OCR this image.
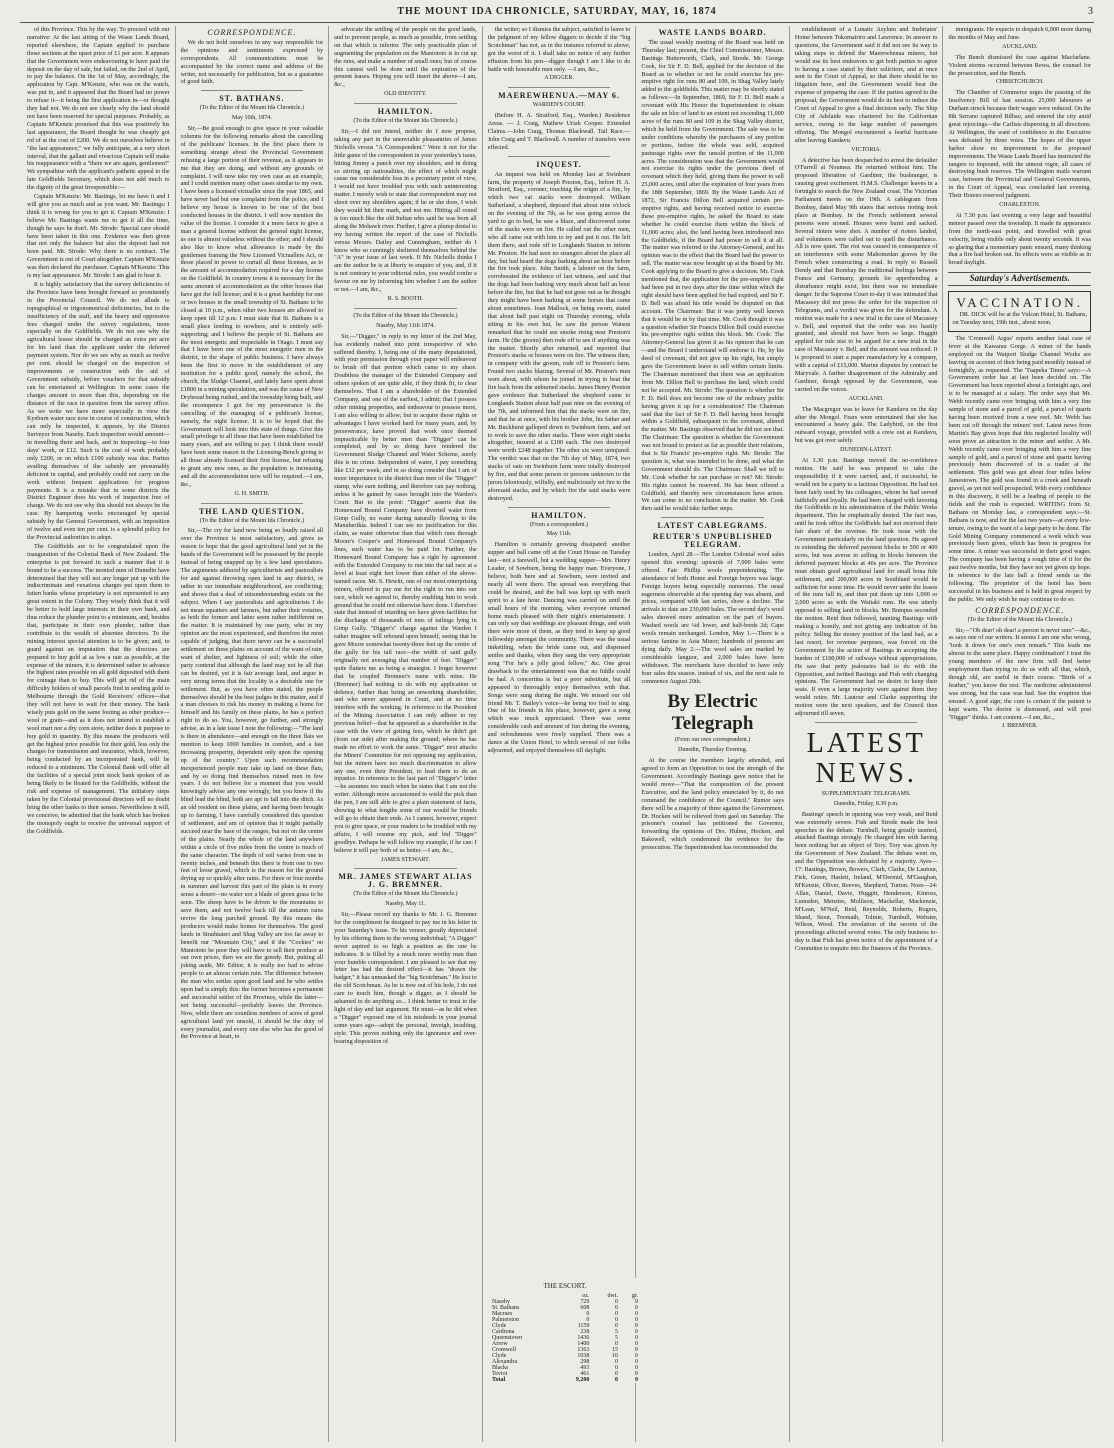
THE MOUNT IDA CHRONICLE, SATURDAY, MAY, 16, 1874	3

of this Province. This by the way. To proceed with our narrative: At the last sitting of the Waste Lands Board, reported elsewhere, the Captain applied to purchase those sections at the upset price of £1 per acre. It appears that the Government were endeavouring to have paid the deposit on the day of sale, but failed, on the 2nd of April, to pay the balance. On the 1st of May, accordingly, the application by Capt. M'Kenzie, who was on the watch, was put in, and it appeared that the Board had no power to refuse it—it being the first application in—or thought they had not. We do not see clearly why the land should not have been reserved for special purposes. Probably, as Captain M'Kenzie promised that this was positively his last appearance, the Board thought he was cheaply got rid of at the cost of £200. We do not ourselves believe in "the last appearance;" we fully anticipate, at a very short interval, that the gallant and vivacious Captain will make his reappearance with a "there we are again, gentlemen!" We sympathise with the applicant's pathetic appeal to the late Goldfields Secretary, which does not add much to the dignity of the great Irresponsible:—

Captain M'Kenzie: Mr. Bastings, let me have it and I will give you as much and as you want. Mr. Bastings: I think it is wrong for you to get it. Captain M'Kenzie: I believe Mr. Bastings wants me to get it all the time, though he says he don't. Mr. Strode: Special care should have been taken in this one. Evidence was then given that not only the balance but also the deposit had not been paid. Mr. Strode: Why there is no contract. The Government is out of Court altogether. Captain M'Kenzie was then declared the purchaser. Captain M'Kenzie: This is my last appearance. Mr. Strode: I am glad to hear it.

It is highly satisfactory that the survey deficiencies of the Province have been brought forward so prominently in the Provincial Council. We do not allude to topographical or trigonometrical deficiencies, but to the insufficiency of the staff, and the heavy and oppressive fees charged under the survey regulations, more especially on the Goldfields. We do not see why the agricultural lessee should be charged an extra per acre for his land than the applicant under the deferred payment system. Nor do we see why as much as twelve per cent. should be charged on the inspection of improvements or construction with the aid of Government subsidy, before vouchers for that subsidy can be entertained at Wellington. In some cases the charges amount to more than this, depending on the distance of the race in question from the survey office. As we write we have more especially in view the Kyeburn water race now in course of construction, which can only be inspected, it appears, by the District Surveyor from Naseby. Each inspection would amount—in travelling there and back, and in inspecting—to four days' work, or £12. Such is the cost of work probably only £200, or on which £100 subsidy was due. Parties availing themselves of the subsidy are presumably deficient in capital, and probably could not carry on the work without frequent applications for progress payments. It is a mistake that in some districts the District Engineer does his work of inspection free of charge. We do not see why this should not always be the case. By hampering works encouraged by special subsidy by the General Government, with an imposition of twelve and even ten per cent. is a splendid policy for the Provincial authorities to adopt.

The Goldfields are to be congratulated upon the inauguration of the Colonial Bank of New Zealand. The enterprise is put forward in such a manner that it is bound to be a success. The monied men of Dunedin have determined that they will not any longer put up with the indiscriminate and vexatious charges put upon them to fatten banks whose proprietary is not represented to any great extent in the Colony. They wisely think that it will be better to hold large interests in their own bank, and thus reduce the plunder point to a minimum, and, besides that, participate in their own plunder, rather than contribute to the wealth of absentee directors. To the mining interest special attention is to be given; and, to guard against an imputation that the directors are prepared to buy gold at as low a rate as possible, at the expense of the miners, it is determined rather to advance the highest rates possible on all gold deposited with them for coinage than to buy. This will get rid of the main difficulty holders of small parcels find in sending gold to Melbourne through the Gold Receivers' offices—that they will not have to wait for their money. The bank wisely puts gold on the same footing as other produce—wool or grain—and as it does not intend to establish a wool mart nor a dry corn store, neither does it purpose to buy gold in quantity. By this means the producers will get the highest price possible for their gold, less only the charges for transmission and insurance, which, however, being conducted by an incorporated bank, will be reduced to a minimum. The Colonial Bank will offer all the facilities of a special joint stock bank spoken of as being likely to be floated for the Goldfields, without the risk and expense of management. The initiatory steps taken by the Colonial provisional directors will no doubt bring the other banks to their senses. Nevertheless it will, we conceive, be admitted that the bank which has broken the monopoly ought to receive the universal support of the Goldfields.

CORRESPONDENCE.

We do not hold ourselves in any way responsible for the opinions and sentiments expressed by correspondents. All communications must be accompanied by the correct name and address of the writer, not necessarily for publication, but as a guarantee of good faith.

ST. BATHANS.
(To the Editor of the Mount Ida Chronicle.)
May 10th, 1874.

Sir,—Be good enough to give space in your valuable columns for the following remarks about the cancelling of the publicans' licenses. In the first place there is something strange about the Provincial Government refusing a large portion of their revenue, as it appears to me that they are doing, and without any grounds of complaint. I will now take my own case as an example, and I could mention many other cases similar to my own. I have been a licensed victualler since the year 1865, and have never had but one complaint from the police, and I believe my house is known to be one of the best conducted houses in the district. I will now mention the value of the license. I consider it a mere farce to give a man a general license without the general night license, as one is almost valueless without the other; and I should also like to know what allowance is made by the gentlemen framing the New Licensed Victuallers Act, or those placed in power to curtail all these licenses, as to the amount of accommodation required for a day license on the Goldfield. In country towns it is necessary for the same amount of accommodation as the other houses that have got the full license; and it is a great hardship for one or two houses in the small township of St. Bathans to be closed at 10 p.m., when other two houses are allowed to keep open till 12 p.m. I must state that St. Bathans is a small place lending to nowhere, and is entirely self-supporting; and I believe the people of St. Bathans are the most energetic and respectable in Otago. I must say that I have been one of the most energetic men in the district, in the shape of public business. I have always been the first to move in the establishment of any institution for a public good, namely the school, the church, the Sludge Channel, and lately have spent about £1800 in a mining speculation, and was the cause of New Drybread being rushed, and the township being built, and the recompence I got for my perseverance is the cancelling of the managing of a publican's license, namely, the night license. It is to be hoped that the Government will look into this state of things. Give this small privilege to all those that have been established for many years, and are willing to pay. I think there would have been some reason in the Licensing-Bench giving to all those already licensed their first license, but refusing to grant any new ones, as the population is increasing, and all the accommodation now will be required.—I am, &c.,

G. H. SMITH.
THE LAND QUESTION.
(To the Editor of the Mount Ida Chronicle.)

Sir,—The cry for land now being so loudly raised all over the Province is most satisfactory, and gives us reason to hope that the good agricultural land yet in the hands of the Government will be possessed by the people instead of being snapped up by a few land speculators. The arguments adduced by agriculturists and pastoralists for and against throwing open land in any district, or rather in our immediate neighbourhood, are conflicting; and shows that a deal of misunderstanding exists on the subject. When I say pastoralists and agriculturists I do not mean squatters and farmers, but rather their votaries, as both the former and latter seem rather indifferent on the matter. It is maintained by one party, who in my opinion are the most experienced, and therefore the most capable of judging, that there never can be a successful settlement on these plains on account of the want of rain, want of shelter, and lightness of soil; while the other party contend that although the land may not be all that can be desired, yet it is fair average land, and argue in very strong terms that the locality is a desirable one for settlement. But, as you have often stated, the people themselves should be the best judges in this matter, and if a man chooses to risk his money in making a home for himself and his family on these plains, he has a perfect right to do so. You, however, go further, and strongly advise, as in a late issue I note the following:—"The land is there in abundance—and enough on the three flats we mention to keep 1000 families in comfort, and a fast increasing prosperity, dependent only upon the opening up of the country." Upon such recommendation inexperienced people may take up land on these flats, and by so doing find themselves ruined men in few years. I do not believe for a moment that you would knowingly advise any one wrongly, but you know if the blind lead the blind, both are apt to fall into the ditch. As an old resident on these plains, and having been brought up to farming, I have carefully considered this question of settlement, and am of opinion that it might partially succeed near the base of the ranges, but not on the centre of the plains. Nearly the whole of the land anywhere within a circle of five miles from the centre is much of the same character. The depth of soil varies from one to twenty inches, and beneath this there is from one to two feet of loose gravel, which is the reason for the ground drying up so quickly after rains. For three or four months in summer and harvest this part of the plain is in every sense a desert—no water nor a blade of green grass to be seen. The sheep have to be driven to the mountains to save them, and not twelve back till the autumn rains revive the long parched ground. By this means the producers would make homes for themselves. The good lands in Strathtaieri and Shag Valley are too far away to benefit our "Mountain City," and if the "Cockies" on Maniototo be poor they will have to sell their produce at our own prices, then we are the greedy. But, putting all joking aside, Mr. Editor, it is really too bad to advise people to an almost certain ruin. The difference between the man who settles upon good land and he who settles upon bad is simply this: the former becomes a permanent and successful settler of the Province, while the latter—not being successful—probably leaves the Province. Now, while there are countless numbers of acres of good agricultural land yet unsold, it should be the duty of every journalist, and every one else who has the good of the Province at heart, to

advocate the settling of the people on the good lands, and to prevent people, as much as possible, from settling on that which is inferior. The only practicable plan of augmenting the population on the Maniototo is to cut up the runs, and make a number of small ones; but of course this cannot well be done until the expiration of the present leases. Hoping you will insert the above—I am, &c.,

OLD IDENTITY.
HAMILTON.
(To the Editor of the Mount Ida Chronicle.)

Sir,—I did not intend, neither do I now propose, taking any part in the unenviable pleasantries of James Nicholls versus "A Correspondent." Were it not for the little game of the correspondent in your yesterday's issue, hitting Jimmy a punch over my shoulders, and in doing so stirring up nationalities, the effect of which might cause me considerable loss in a pecuniary point of view, I would not have troubled you with such uninteresting matter. I merely wish to state that correspondent may not shoot over my shoulders again; if he or she does, I wish they would hit their mark, and not me. Hitting all round is too much like the old Indian who said he was born all along the Mohawk river. Further, I give a plump denial to my having written the report of the case of Nicholls versus Messrs. Dailey and Cunningham, neither do I know who so cunningly sheltered themselves behind the "A" in your issue of last week. If Mr. Nicholls thinks I am the author he is at liberty to enquire of you, and, if it is not contrary to your editorial rules, you would confer a favour on me by informing him whether I am the author or not.—I am, &c.,

R. S. BOOTH.
(To the Editor of the Mount Ida Chronicle.)
Naseby, May 11th 1874.

Sir,—"Digger," in reply to my letter of the 2nd May, has evidently rushed into print irrespective of who suffered thereby. I, being one of the many deputatioted, with your permission through your paper will endeavour to brush off that portion which came to my share. Doubtless the manager of the Extended Company and others spoken of are quite able, if they think fit, to clear themselves. That I am a shareholder of the Extended Company, and one of the earliest, I admit; that I possess other mining properties, and endeavour to possess more, I am also willing to allow; but to acquire those rights or advantages I have worked hard for many years, and, by perseverance, have proved that work once deemed impracticable by better men than "Digger" can be completed, and by so doing have rendered the Government Sludge Channel and Water Scheme, surely this is no crime. Independent of water, I pay something like £12 per week, and in so doing consider that I am of more importance to the district than men of the "Digger" stamp, who earn nothing, and therefore can pay nothing, unless it be gained by cases brought into the Warden's Court. But to the point: "Digger" asserts that the Homeward Bound Company have diverted water from Gimp Gully, no water during naturally flowing to the Manuherikia. Indeed I can see no justification for this claim, as water otherwise than that which runs through Moore's Cooper's and Homeward Bound Company's lines, such water has to be paid for. Further, the Homeward Bound Company has a right by agreement with the Extended Company to run into the tail race at a level at least eight feet lower than either of the above-named races. Mr. S. Hewitt, one of our most enterprising miners, offered to pay me for the right to run into our race, which we agreed to, thereby enabling him to work ground that he could not otherwise have done. I therefore state that instead of retarding we have given facilities for the discharge of thousands of tons of tailings lying in Gimp Gully. "Digger's" charge against the Warden I rather imagine will rebound upon himself, seeing that he gave Moore somewhat twenty-three feet up the centre of the gully for his tail race—the width of said gully originally not averaging that number of feet. "Digger" quite flatters me as being a strategist. I forget however that he coupled Bremner's name with mine. He (Bremner) had nothing to do with my application or defence, further than being an unworking shareholder, and who never appeared in Court, and at no time interfere with the working. In reference to the President of the Mining Association I can only adhere to my previous belief—that he appeared as a shareholder in the case with the view of getting fees, which he didn't get (from our side) after making the ground; where he has made no effort to work the same. "Digger" next attacks the Miners' Committee for not opposing my application, but the miners have too much discrimination to allow any one, even their President, to lead them to do an injustice. In reference to the last part of "Digger's" letter—he assumes too much when he states that I am not the writer. Although more accustomed to wield the pick than the pen, I am still able to give a plain statement of facts, showing to what lengths some of our would be friends will go to obtain their ends. As I cannot, however, expect you to give space, or your readers to be troubled with my affairs, I will resume my pick, and bid "Digger" goodbye. Perhaps he will follow my example, if he can: I believe it will pay both of us better.—I am, &c.,

JAMES STEWART.
MR. JAMES STEWART ALIAS J. G. BREMNER.
(To the Editor of the Mount Ida Chronicle.)
Naseby, May 11.

Sir,—Please record my thanks to Mr. J. G. Bremner for the compliment he designed to pay me in his letter in your Saturday's issue. To his veneer, greatly depreciated by his offering them to the wrong individual; "A Digger" never aspired to so high a position as the one he indicates. It is filled by a much more worthy man than your humble correspondent. I am pleased to see that my letter has had the desired effect—it has "drawn the badger," it has unmasked the "big Scotchman." He lost to the old Scotchman. As he is now out of his hole, I do not care to touch him, though a digger, as I should be ashamed to do anything so... I think better to trust to the light of day and fair argument. He must—as he did when a "Digger" exposed one of his misdeeds in your journal some years ago—adopt the personal, inveigh, insulting, style. This proves nothing only the ignorance and over-bearing disposition of

the writer; so I dismiss the subject, satisfied to leave to the judgment of my fellow diggers to decide if the "big Scotchman" has not, as in the instance referred to above, got the worst of it. I shall take no notice of any further effusion from his pen—digger though I am I like to do battle with honorable men only. —I am, &c.,

A DIGGER.
MAEREWHENUA.—MAY 6.
WARDEN'S COURT.

(Before H. A. Stratford, Esq., Warden.) Residence Areas. — J. Craig, Mathew Uriah Cooper. Extended Claims.—John Craig, Thomas Blackwall. Tail Race.—John Craig and T. Blackwall. A number of transfers were effected.

INQUEST.

An inquest was held on Monday last at Swinburn farm, the property of Joseph Preston, Esq., before H. A. Stratford, Esq., coroner, touching the origin of a fire, by which two cat stacks were destroyed. William Sutherland, a shepherd, deposed that about nine o'clock on the evening of the 7th, as he was going across the yard to go to bed, he saw a blaze, and discovered some of the stacks were on fire. He called out the other men, who all came out with him to try and put it out. He left them there, and rode off to Longlands Station to inform Mr. Preston. He had seen no strangers about the place all day, but had heard the dogs barking about an hour before the fire took place. John Smith, a laborer on the farm, corroborated the evidence of last witness, and said that the dogs had been barking very much about half an hour before the fire, but that he had not gone out as he thought they might have been barking at some horses that came about sometimes. Joan Mallock, on being sworn, stated that about half past eight on Thursday evening, while sitting in his own hut, he saw the person Watson remarked that he could see smoke rising near Preston's farm. He (the groom) then rode off to see if anything was the matter. Shortly after returned, and reported that Preston's stacks or houses were on fire. The witness then, in company with the groom, rode off to Preston's farm. Found two stacks blazing. Several of Mr. Preston's men were about, with whom he joined in trying to beat the fire back from the unburned stacks. James Henry Preston gave evidence that Sutherland the shepherd came to Longlands Station about half past nine on the evening of the 7th, and informed him that the stacks were on fire, and that he at once, with his brother John, his father and Mr. Buckhurst galloped down to Swinburn farm, and set to work to save the other stacks. There were eight stacks altogether, insured at a £100 each. The two destroyed were worth £248 together. The other six were uninjured. The verdict was that on the 7th day of May, 1874, two stacks of oats on Swinburn farm were totally destroyed by fire, and that some person or persons unknown to the jurors feloniously, wilfully, and maliciously set fire to the aforesaid stacks, and by which fire the said stacks were destroyed.

HAMILTON.
(From a correspondent.)
May 11th.

Hamilton is certainly growing dissipated: another supper and ball came off at the Court House on Tuesday last—not a farewell, but a wedding supper—Mrs. Henry Leader, of Sowburn, being the happy man. Everyone, I believe, both here and at Sowburn, were invited and nearly all were there. The spread was everything that could be desired, and the ball was kept up with much spirit to a late hour. Dancing was carried on until the small hours of the morning, when everyone returned home much pleased with their night's entertainment. I can only say that weddings are pleasant things, and wish there were more of them, as they tend to keep up good fellowship amongst the community. There was the usual tinkettling, when the bride came out, and dispensed smiles and thanks, when they sang the very appropriate song "For he's a jolly good fellow," &c. One great drawback to the entertainment was that no fiddle could be had. A concertina is but a poor substitute, but all appeared to thoroughly enjoy themselves with that. Songs were sung during the night. We missed our old friend Mr. T. Bailey's voice—he being too frail to sing. One of his friends in his place, however, gave a song which was much appreciated. There was some considerable cash and amount of fun during the evening, and refreshments were freely supplied. There was a dance at the Union Hotel, to which several of our folks adjourned, and enjoyed themselves till daylight.

WASTE LANDS BOARD.

The usual weekly meeting of the Board was held on Thursday last; present, the Chief Commissioner, Messrs. Bastings Butterworth, Clark, and Strode. Mr. George Cook, for Sir F. D. Bell, applied for the decision of the Board as to whether or not he could exercise his pre-emptive right for runs 80 and 109, in Shag Valley lately added to the goldfields. This matter may be shortly stated as follows:—In September, 1869, Sir F. D. Bell made a covenant with His Honor the Superintendent to obtain the sale en bloc of land to an extent not exceeding 11,000 acres of the runs 80 and 109 in the Shag Valley district, which he held from the Government. The sale was to be under conditions whereby the purchasers of any portion or portions, before the whole was sold, acquired pasturage rights over the unsold portion of the 11,000 acres. The consideration was that the Government would not exercise its rights under the previous deed of covenant which they held, giving them the power to sell 25,000 acres, until after the expiration of four years from the 18th September, 1869. By the Waste Lands Act of 1872, Sir Francis Dillon Bell acquired certain pre-emptive rights, and having received notice to exercise these pre-emptive rights, he asked the Board to state whether he could exercise them within the block of 11,000 acres; also, the land having been introduced into the Goldfields, if the Board had power to sell it at all. The matter was referred to the Attorney-General, and his opinion was to the effect that the Board had the power to sell. The matter was now brought up at the Board by Mr. Cook applying to the Board to give a decision. Mr. Cook mentioned that, the application for the pre-emptive right had been put in two days after the time within which the right should have been applied for had expired, and Sir F. D. Bell was afraid his title would be disputed on that account. The Chairman: But it was pretty well known that it would be in by that time. Mr. Cook thought it was a question whether Sir Francis Dillon Bell could exercise his pre-emptive right within this block. Mr. Cook: The Attorney-General has given it as his opinion that he can—and the Board I understand will endorse it. He, by his deed of covenant, did not give up his right, but simply gave the Government leave to sell within certain limits. The Chairman mentioned that there was an application from Mr. Dillon Bell to purchase the land, which could not be accepted. Mr. Strode: The question is whether Sir F. D. Bell does not become one of the ordinary public having given it up for a consideration? The Chairman said that the fact of Sir F. D. Bell having been brought within a Goldfield, subsequent to the covenant, altered the matter. Mr. Bastings observed that he did not see that. The Chairman: The question is whether the Government was not bound to protect as far as possible their relations, that is Sir Francis' pre-emptive right. Mr. Strode: The question is, what was intended to be done, and what the Government should do. The Chairman: Shall we tell to Mr. Cook whether he can purchase or not? Mr. Strode: His rights cannot be reserved. He has been offered a Goldfield, and thereby new circumstances have arisen. We can come to no conclusion in the matter. Mr. Cook then said he would take further steps.

LATEST CABLEGRAMS.
REUTER'S UNPUBLISHED TELEGRAM.

London, April 28.—The London Colonial wool sales opened this evening: upwards of 7,000 bales were offered. Fair Phillip wools preponderating. The attendance of both Home and Foreign buyers was large. Foreign buyers being especially numerous. The usual eagerness observable at the opening day was absent, and prices, compared with last series, show a decline. The arrivals to date are 230,000 bales. The second day's wool sales showed more animation on the part of buyers. Washed wools are ¼d lower, and half-breds 2d; Cape wools remain unchanged. London, May 1.—There is a serious famine in Asia Minor; hundreds of persons are dying daily. May 2.—The wool sales are marked by considerable languor, and 2,000 bales have been withdrawn. The merchants have decided to have only four sales this season. instead of six, and the next sale to commence August 20th.

By Electric Telegraph
(From our own correspondent.)
Dunedin, Thursday Evening.

At the course the members largely attended, and agreed to form an Opposition to test the strength of the Government. Accordingly Bastings gave notice that he would move—"That the composition of the present Executive, and the land policy enunciated by it, do not command the confidence of the Council." Rumor says there will be a majority of three against the Government. Dr. Hocken will be relieved from gaol on Saturday. The prisoner's counsel has petitioned the Governor, forwarding the opinions of Drs. Hulme, Hocken, and Bakewell, which condemned the evidence for the prosecution. The Superintendent has recommended the

establishment of a Lunatic Asylum and Inebriates' Home between Tokomairiro and Lawrence. In answer to questions, the Government said it did not see its way to taking steps to defend the Maerewhenua miners, but would use its best endeavors to get both parties to agree to having a case stated by their solicitors, and at once sent to the Court of Appeal, so that there should be no litigation here, and the Government would bear the expense of preparing the case. If the parties agreed to the proposal, the Government would do its best to induce the Court of Appeal to give a final decision early. The Ship City of Adelaide was chartered for the Californian service, owing to the large number of passengers offering. The Mongol encountered a fearful hurricane after leaving Kandavu.

VICTORIA.

A detective has been despatched to arrest the defaulter O'Farrell at Noumea. He returned without him. The proposed liberation of Gardiner, the bushranger, is causing great excitement. H.M.S. Challenger leaves in a fortnight to search the New Zealand coast. The Victorian Parliament meets on the 19th. A cablegram from Bombay, dated May 9th states that serious rioting took place at Bombay. In the French settlement several persons were stoned. Houses were burnt and sacked. Several rioters were shot. A number of rioters landed, and volunteers were called out to quell the disturbance. All is now quiet. The riot was caused in consequence of an interference with some Mahomedan graves by the French when constructing a road. In reply to Russell Dendy and that Bombay the traditional feelings between France and Germany, grounds for apprehending a disturbance might exist, but there was no immediate danger. In the Supreme Court to-day it was intimated that Macassey did not press the order for the inspection of Telegrams, and a verdict was given for the defendant. A motion was made for a new trial in the case of Macassey v. Bell, and reported that the order was too hastily granted, and should not have been so large. Huggitt applied for rule nisi to be argued for a new trial in the case of Macassey v. Bell, and the amount was reduced. It is proposed to start a paper manufactory by a company, with a capital of £15,000. Marine disputes by contract he Maryvale. A farther disagreement of the Admiralty and Gardiner, though opposed by the Government, was carried on the voices.

AUCKLAND.

The Macgregor was to leave for Kandavu on the day after the Mongol. Fears were entertained that she has encountered a heavy gale. The Ladybird, on the first outward voyage, provided with a crew out at Kandavu, but was got over safely.

DUNEDIN-LATEST.

At 3.30 p.m. Bastings moved the no-confidence motion. He said he was prepared to take the responsibility if it were carried, and, if successful, he would not be a party to a factious Opposition. He had not been fairly used by his colleagues, whom he had served faithfully and loyally. He had been charged with favoring the Goldfields in his administration of the Public Works department. This he emphatically denied. The fact was, until he took office the Goldfields had not received their fair share of the revenue. He took issue with the Government particularly on the land question. He agreed in extending the deferred payment blocks to 500 or 400 acres, but was averse to selling in blocks between the deferred payment blocks at 40s per acre. The Province must obtain good agricultural land for small bona fide settlement, and 200,000 acres in Southland would be sufficient for some time. He would never unite the leases of the runs fall in, and then put them up into 1,000 or 2,000 acres as with the Waitaki runs. He was utterly opposed to selling land in blocks. Mr. Bumpus seconded the motion. Reid then followed, taunting Bastings with making a homily, and not giving any indication of his policy. Selling the money position of the land had, as a last resort, for revenue purposes, was forced on the Government by the action of Bastings in accepting the burden of £100,000 of railways without appropriations. He saw that petty jealousies had to do with the Opposition, and twitted Bastings and Fish with changing opinions. The Government had no desire to keep their seats. If even a large majority were against them they would retire. Mr. Lautour and Clarke supporting the motion were the next speakers, and the Council then adjourned till seven.

LATEST NEWS.
SUPPLEMENTARY TELEGRAMS.
Dunedin, Friday, 8.30 p.m.

Bastings' speech in opening was very weak, and Reid was extremely severe. Fish and Strode made the best speeches in the debate. Turnbull, being greatly taunted, attacked Bastings strongly. He charged him with having been nothing but an object of Tory. Tory was given by the Government of New Zealand. The debate went on, and the Opposition was defeated by a majority. Ayes—17: Bastings, Brown, Bowers, Clark, Clarke, De Lautour, Fish, Green, Haslett, Ireland, M'Dermid, M'Gaughan, M'Kenzie, Oliver, Reeves, Shepherd, Turton. Noes—24: Allan, Daniel, Davie, Huggitt, Henderson, Kinross, Lumsden, Menzies, Mollison, Mackellar, Mackenzie, M'Lean, M'Neil, Reid, Reynolds, Roberts, Rogers, Shand, Stout, Toomath, Tolmie, Turnbull, Webster, Wilson, Wood. The revelation of the secrets of the proceedings affected several votes. The only business to-day is that Fish has given notice of the appointment of a Committee to enquire into the finances of the Province.

immigrants. He expects to despatch 6,000 more during the months of May and June.

AUCKLAND.

The Bench dismissed the case against Macfarlane. Violent storms occurred between Rewa, the counsel for the prosecution, and the Bench.

CHRISTCHURCH.

The Chamber of Commerce urges the passing of the Insolvency Bill of last session. 25,000 labourers at Durham struck because their wages were reduced. On the 8th Serrano captured Bilbao, and entered the city amid great rejoicings—the Carlists dispersing in all directions. At Wellington, the want of confidence in the Executive was defeated by three votes. The hopes of the upper harbor show no improvement to the proposed improvements. The Waste Lands Board has instructed the rangers to impound, with the utmost vigor, all cases of destroying bush reserves. The Wellington mails warrant case, between the Provincial and General Governments, in the Court of Appeal, was concluded last evening. Their Honors reserved judgment.

CHARLESTON.

At 7.30 p.m. last evening a very large and beautiful meteor passed over the township. It made its appearance from the north-east point, and travelled with great velocity, being visible only about twenty seconds. It was so glaring that a momentary panic ensued, many thinking that a fire had broken out. Its effects were as visible as in broad daylight.

Saturday's Advertisements.
VACCINATION.

DR. DICK will be at the Vulcan Hotel, St. Bathans, on Tuesday next, 19th inst., about noon.

The 'Cromwell Argus' reports another fatal case of fever at the Kawarau Gorge. A miner of the hands employed on the Waipori Sludge Channel Works are leaving on account of their being paid monthly instead of fortnightly, as requested. The 'Tuapeka Times' says:—A Government order has at last been decided on. The Government has been reported about a fortnight ago, and is to be managed at a salary. The order says that Mr. Webb recently came over bringing with him a very fine sample of stone and a parcel of gold, a parcel of quartz having been received from a new reef. Mr. Webb has been cut off through the miners' reef. Latest news from Martin's Bay gives hope that this neglected locality will soon prove an attraction to the miner and settler. A Mr. Webb recently came over bringing with him a very fine sample of gold, and a parcel of stone and quartz having previously been discovered of in a trader at the settlement. This gold was got about four miles below Jamestown. The gold was found in a creek and beneath gravel, as yet not well prospected. With every confidence in this discovery, it will be a leading of people to the fields and the rush is expected. WRITING from St. Bathans on Monday last, a correspondent says:—St. Bathans is now, and for the last two years—at every low-tenure, owing to the want of a large party to be done. The Gold Mining Company commenced a work which was previously been given, which has been in progress for some time. A miner was successful in their good wages. The company has been having a rough time of it for the past twelve months, but they have not yet given up hope. In reference to the late ball a friend sends us the following. The proprietor of the hotel has been successful in his business and is held in great respect by the public. We only wish he may continue to do so.

CORRESPONDENCE.
(To the Editor of the Mount Ida Chronicle.)

Sir,—"Oh dear! oh dear! a person is never sure"—&c., as says one of our writers. It seems I am one who wrong, "took it down for one's own remark." This leads me almost to the same place. Happy combination! I trust the young members of the new firm will find better employment than trying to do us with all that, which, though old, are useful in their course. "Birds of a feather," you know the rest. The medicine administered was strong, but the case was bad. See the eruption that ensued. A good sign; the cure is certain if the patient is kept warm. The doctor is dismissed, and will post "Digger" thinks. I am content.—I am, &c.,

J. BREMNER.
THE ESCORT.
	oz.	dwt.	gr.
Naseby	729	0	0
St. Bathans	608	0	0
Macraes	0	0	0
Palmerston	0	0	0
Clyde	1159	0	0
Cardrona	238	5	0
Queenstown	1436	5	0
Arrow	1400	0	0
Cromwell	1363	15	0
Clyde	1038	10	0
Alexandra	298	0	0
Blacks	493	0	0
Teviot	461	0	0
Total	9,200	0	0
